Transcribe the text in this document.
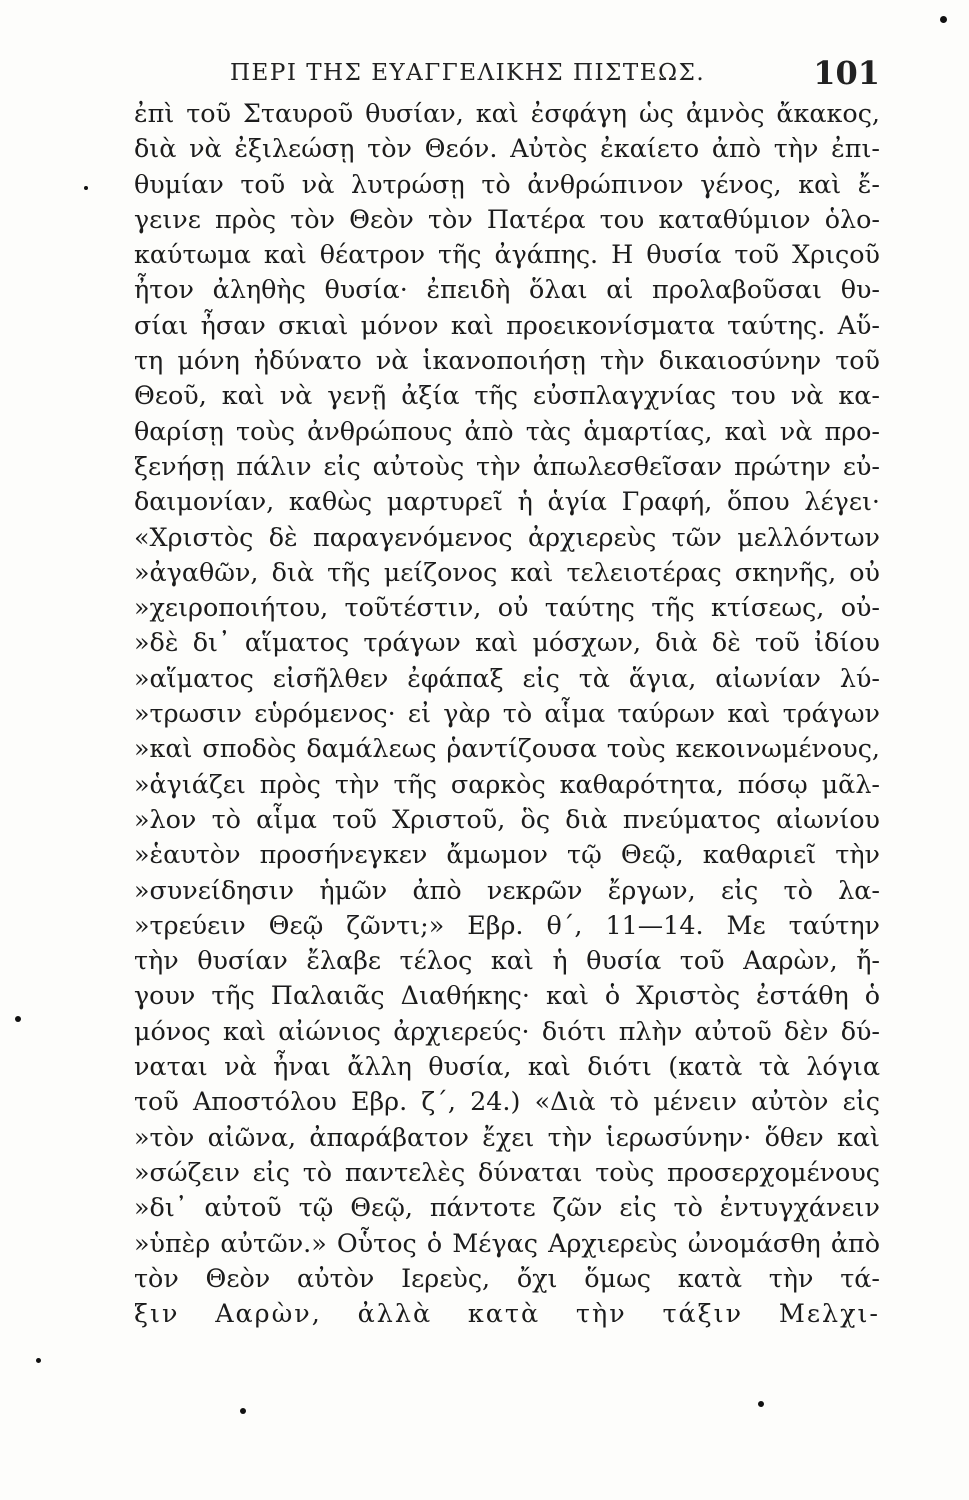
ΠΕΡΙ ΤΗΣ ΕΥΑΓΓΕΛΙΚΗΣ ΠΙΣΤΕΩΣ.	101
ἐπὶ τοῦ Σταυροῦ θυσίαν, καὶ ἐσφάγη ὡς ἀμνὸς ἄκακος,
διὰ νὰ ἐξιλεώσῃ τὸν Θεόν. Αὐτὸς ἐκαίετο ἀπὸ τὴν ἐπι-
θυμίαν τοῦ νὰ λυτρώσῃ τὸ ἀνθρώπινον γένος, καὶ ἔ-
γεινε πρὸς τὸν Θεὸν τὸν Πατέρα του καταθύμιον ὁλο-
καύτωμα καὶ θέατρον τῆς ἀγάπης. Η θυσία τοῦ Χριςοῦ
ἦτον ἀληθὴς θυσία· ἐπειδὴ ὅλαι αἱ προλαβοῦσαι θυ-
σίαι ἦσαν σκιαὶ μόνον καὶ προεικονίσματα ταύτης. Αὕ-
τη μόνη ἠδύνατο νὰ ἱκανοποιήσῃ τὴν δικαιοσύνην τοῦ
Θεοῦ, καὶ νὰ γενῇ ἀξία τῆς εὐσπλαγχνίας του νὰ κα-
θαρίσῃ τοὺς ἀνθρώπους ἀπὸ τὰς ἁμαρτίας, καὶ νὰ προ-
ξενήσῃ πάλιν εἰς αὐτοὺς τὴν ἀπωλεσθεῖσαν πρώτην εὐ-
δαιμονίαν, καθὼς μαρτυρεῖ ἡ ἁγία Γραφή, ὅπου λέγει·
«Χριστὸς δὲ παραγενόμενος ἀρχιερεὺς τῶν μελλόντων
»ἀγαθῶν, διὰ τῆς μείζονος καὶ τελειοτέρας σκηνῆς, οὐ
»χειροποιήτου, τοῦτέστιν, οὐ ταύτης τῆς κτίσεως, οὐ-
»δὲ δι᾽ αἵματος τράγων καὶ μόσχων, διὰ δὲ τοῦ ἰδίου
»αἵματος εἰσῆλθεν ἐφάπαξ εἰς τὰ ἅγια, αἰωνίαν λύ-
»τρωσιν εὑρόμενος· εἰ γὰρ τὸ αἷμα ταύρων καὶ τράγων
»καὶ σποδὸς δαμάλεως ῥαντίζουσα τοὺς κεκοινωμένους,
»ἁγιάζει πρὸς τὴν τῆς σαρκὸς καθαρότητα, πόσῳ μᾶλ-
»λον τὸ αἷμα τοῦ Χριστοῦ, ὃς διὰ πνεύματος αἰωνίου
»ἑαυτὸν προσήνεγκεν ἄμωμον τῷ Θεῷ, καθαριεῖ τὴν
»συνείδησιν ἡμῶν ἀπὸ νεκρῶν ἔργων, εἰς τὸ λα-
»τρεύειν Θεῷ ζῶντι;» Εβρ. θ΄, 11—14. Με ταύτην
τὴν θυσίαν ἔλαβε τέλος καὶ ἡ θυσία τοῦ Ααρὼν, ἤ-
γουν τῆς Παλαιᾶς Διαθήκης· καὶ ὁ Χριστὸς ἐστάθη ὁ
μόνος καὶ αἰώνιος ἀρχιερεύς· διότι πλὴν αὐτοῦ δὲν δύ-
ναται νὰ ἦναι ἄλλη θυσία, καὶ διότι (κατὰ τὰ λόγια
τοῦ Αποστόλου Εβρ. ζ΄, 24.) «Διὰ τὸ μένειν αὐτὸν εἰς
»τὸν αἰῶνα, ἀπαράβατον ἔχει τὴν ἱερωσύνην· ὅθεν καὶ
»σώζειν εἰς τὸ παντελὲς δύναται τοὺς προσερχομένους
»δι᾽ αὐτοῦ τῷ Θεῷ, πάντοτε ζῶν εἰς τὸ ἐντυγχάνειν
»ὑπὲρ αὐτῶν.» Οὗτος ὁ Μέγας Αρχιερεὺς ὠνομάσθη ἀπὸ
τὸν Θεὸν αὐτὸν Ιερεὺς, ὄχι ὅμως κατὰ τὴν τά-
ξιν Ααρὼν, ἀλλὰ κατὰ τὴν τάξιν Μελχι-
